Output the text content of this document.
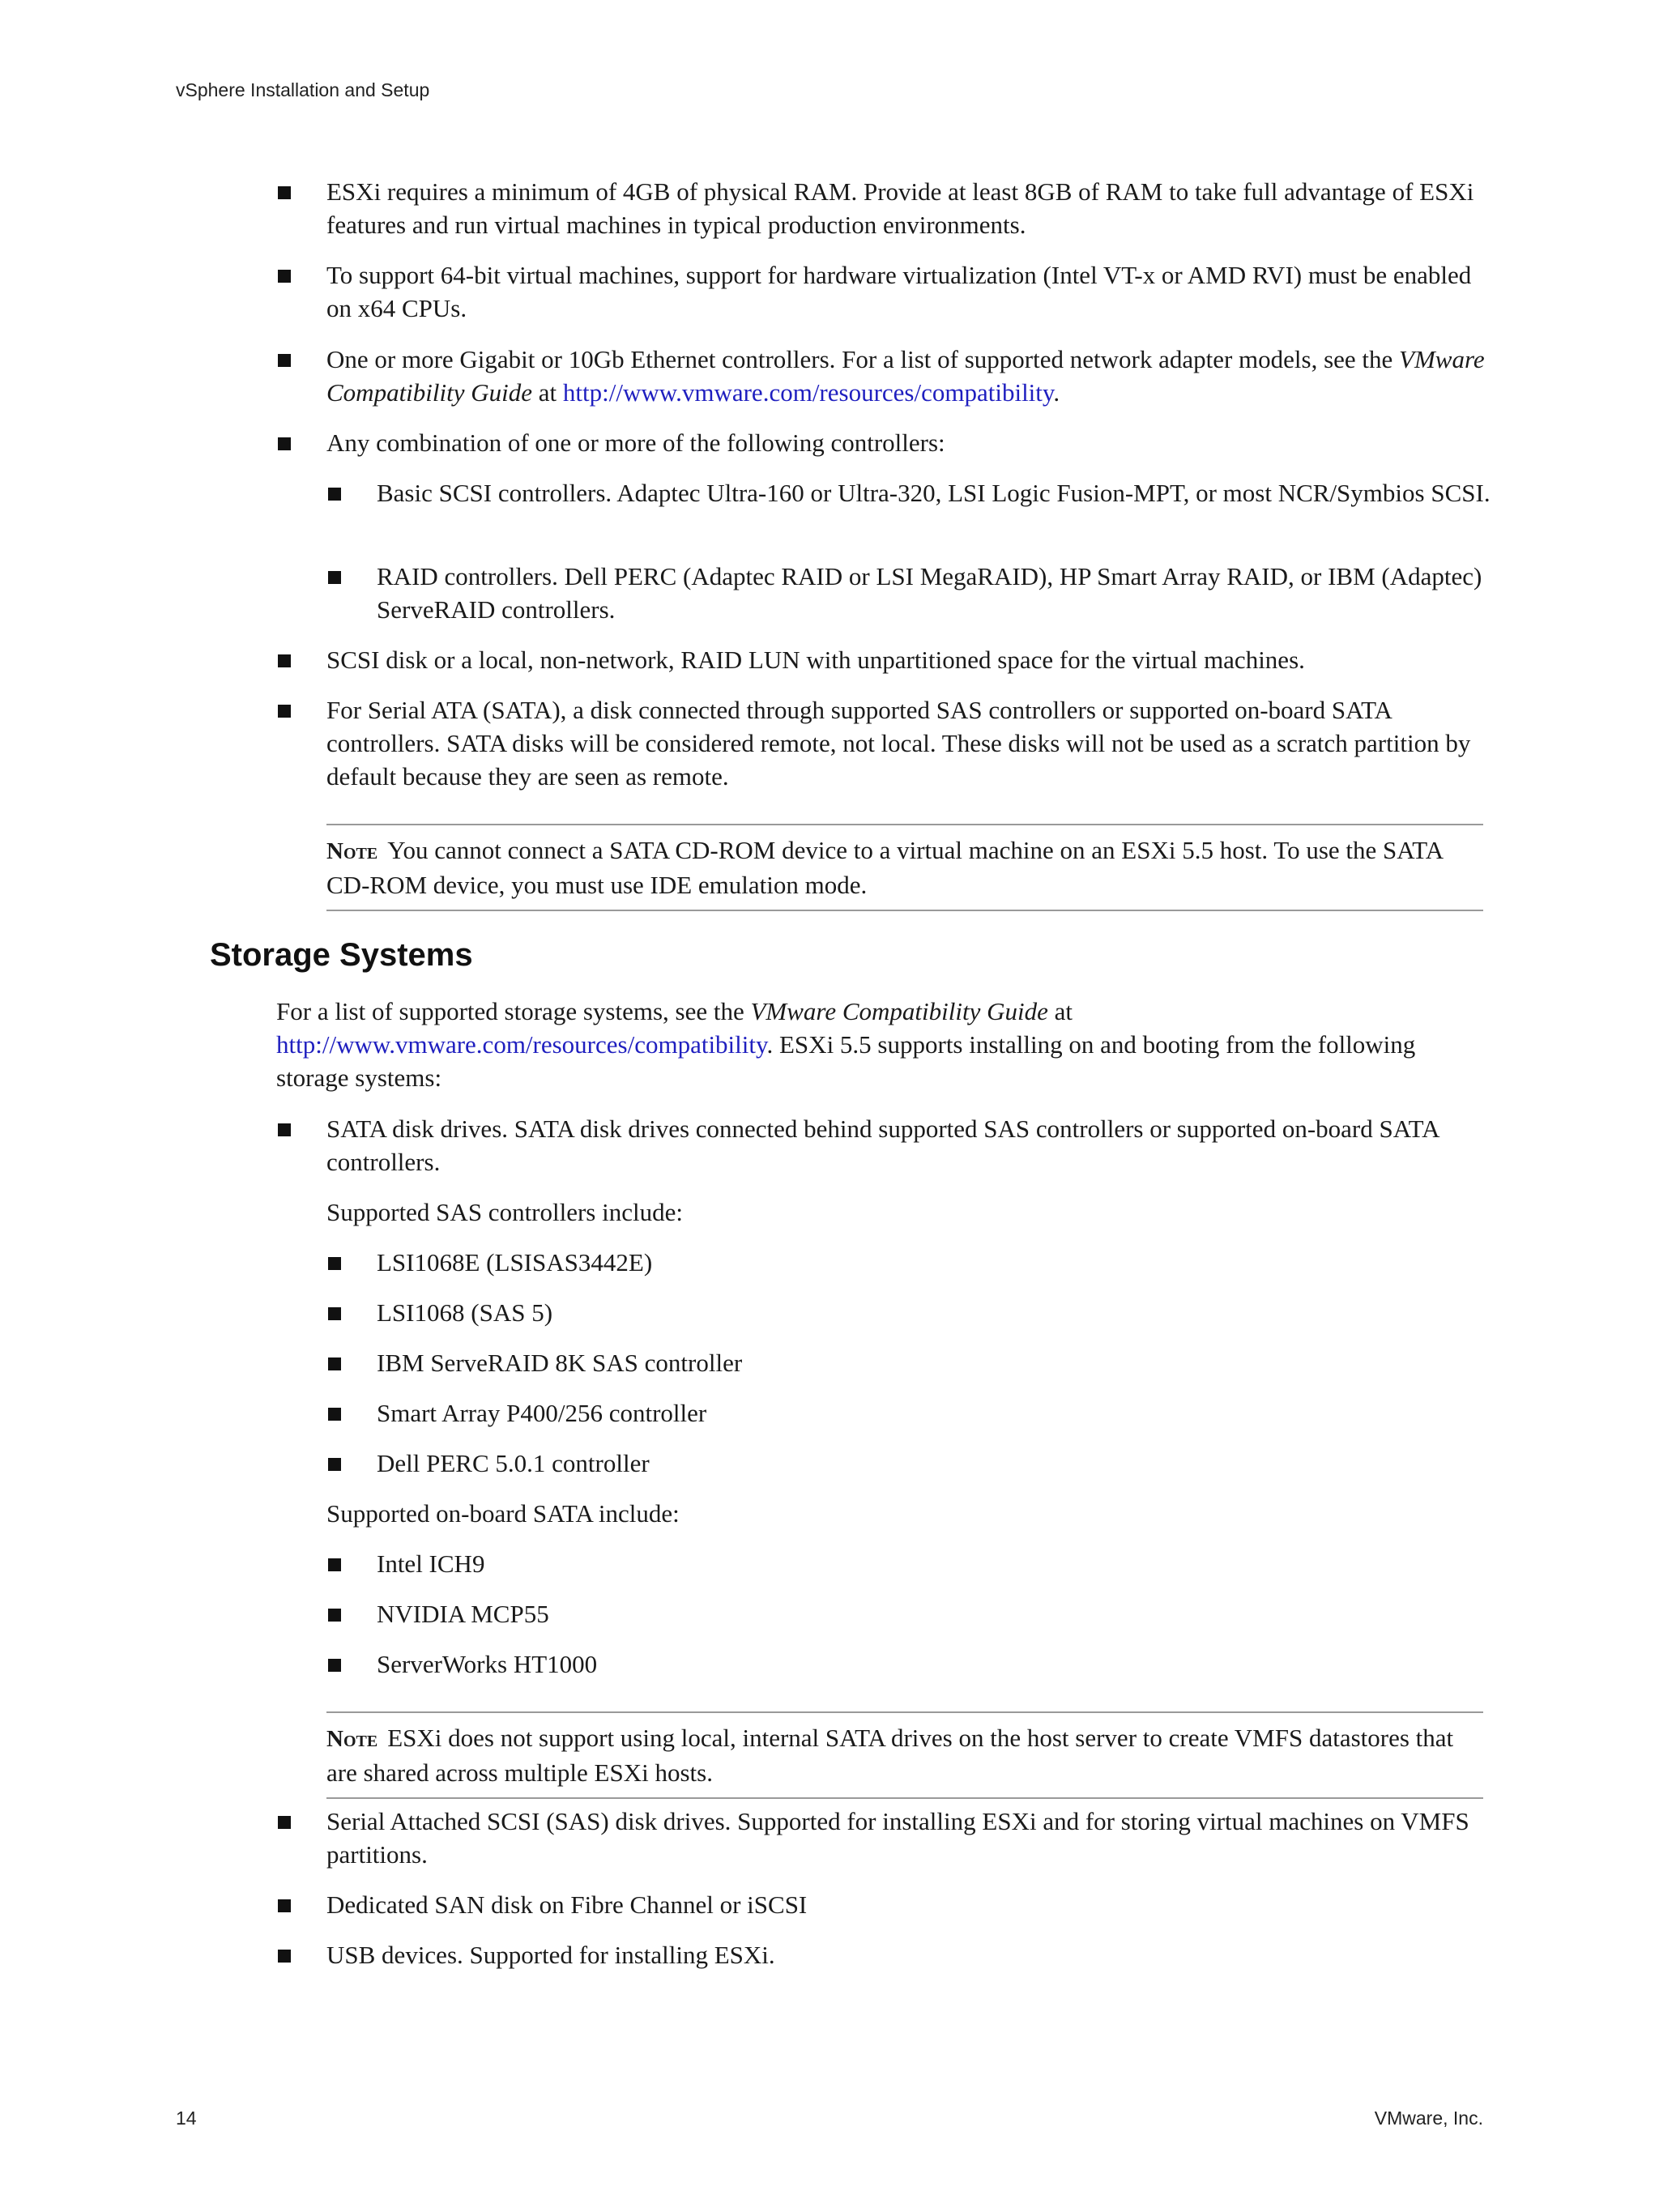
vSphere Installation and Setup
ESXi requires a minimum of 4GB of physical RAM. Provide at least 8GB of RAM to take full advantage of ESXi features and run virtual machines in typical production environments.
To support 64-bit virtual machines, support for hardware virtualization (Intel VT-x or AMD RVI) must be enabled on x64 CPUs.
One or more Gigabit or 10Gb Ethernet controllers. For a list of supported network adapter models, see the VMware Compatibility Guide at http://www.vmware.com/resources/compatibility.
Any combination of one or more of the following controllers:
Basic SCSI controllers. Adaptec Ultra-160 or Ultra-320, LSI Logic Fusion-MPT, or most NCR/Symbios SCSI.
RAID controllers. Dell PERC (Adaptec RAID or LSI MegaRAID), HP Smart Array RAID, or IBM (Adaptec) ServeRAID controllers.
SCSI disk or a local, non-network, RAID LUN with unpartitioned space for the virtual machines.
For Serial ATA (SATA), a disk connected through supported SAS controllers or supported on-board SATA controllers. SATA disks will be considered remote, not local. These disks will not be used as a scratch partition by default because they are seen as remote.
Note You cannot connect a SATA CD-ROM device to a virtual machine on an ESXi 5.5 host. To use the SATA CD-ROM device, you must use IDE emulation mode.
Storage Systems
For a list of supported storage systems, see the VMware Compatibility Guide at
http://www.vmware.com/resources/compatibility. ESXi 5.5 supports installing on and booting from the following storage systems:
SATA disk drives. SATA disk drives connected behind supported SAS controllers or supported on-board SATA controllers.
Supported SAS controllers include:
LSI1068E (LSISAS3442E)
LSI1068 (SAS 5)
IBM ServeRAID 8K SAS controller
Smart Array P400/256 controller
Dell PERC 5.0.1 controller
Supported on-board SATA include:
Intel ICH9
NVIDIA MCP55
ServerWorks HT1000
Note ESXi does not support using local, internal SATA drives on the host server to create VMFS datastores that are shared across multiple ESXi hosts.
Serial Attached SCSI (SAS) disk drives. Supported for installing ESXi and for storing virtual machines on VMFS partitions.
Dedicated SAN disk on Fibre Channel or iSCSI
USB devices. Supported for installing ESXi.
14	VMware, Inc.
